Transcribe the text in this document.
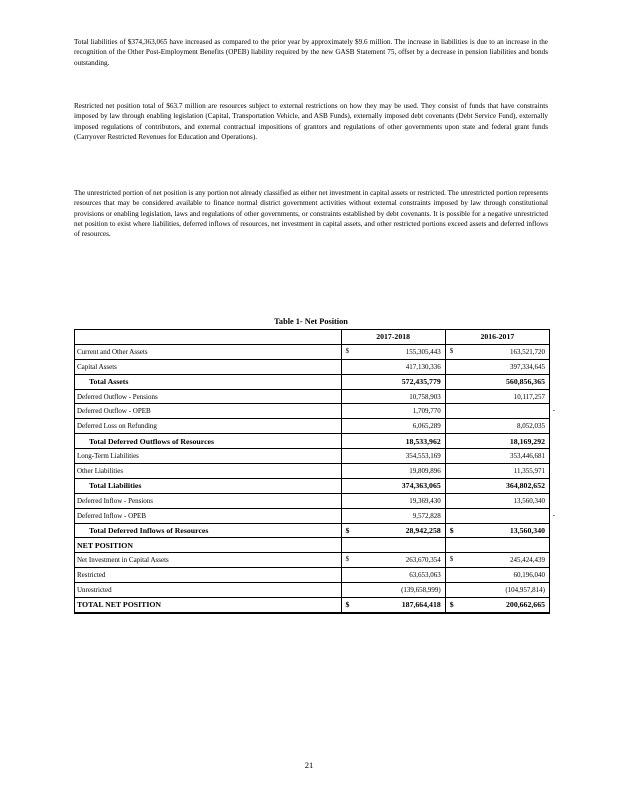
Total liabilities of $374,363,065 have increased as compared to the prior year by approximately $9.6 million. The increase in liabilities is due to an increase in the recognition of the Other Post-Employment Benefits (OPEB) liability required by the new GASB Statement 75, offset by a decrease in pension liabilities and bonds outstanding.

Restricted net position total of $63.7 million are resources subject to external restrictions on how they may be used. They consist of funds that have constraints imposed by law through enabling legislation (Capital, Transportation Vehicle, and ASB Funds), externally imposed debt covenants (Debt Service Fund), externally imposed regulations of contributors, and external contractual impositions of grantors and regulations of other governments upon state and federal grant funds (Carryover Restricted Revenues for Education and Operations).

The unrestricted portion of net position is any portion not already classified as either net investment in capital assets or restricted. The unrestricted portion represents resources that may be considered available to finance normal district government activities without external constraints imposed by law through constitutional provisions or enabling legislation, laws and regulations of other governments, or constraints established by debt covenants. It is possible for a negative unrestricted net position to exist where liabilities, deferred inflows of resources, net investment in capital assets, and other restricted portions exceed assets and deferred inflows of resources.

Table 1- Net Position
	2017-2018	2016-2017
Current and Other Assets	$ 155,305,443	$ 163,521,720

Capital Assets	417,130,336	397,334,645

Total Assets	572,435,779	560,856,365

Deferred Outflow - Pensions	10,758,903	10,117,257

Deferred Outflow - OPEB	1,709,770	-

Deferred Loss on Refunding	6,065,289	8,052,035

Total Deferred Outflows of Resources	18,533,962	18,169,292

Long-Term Liabilities	354,553,169	353,446,681

Other Liabilities	19,809,896	11,355,971

Total Liabilities	374,363,065	364,802,652

Deferred Inflow - Pensions	19,369,430	13,560,340

Deferred Inflow - OPEB	9,572,828	-

Total Deferred Inflows of Resources	$ 28,942,258	$ 13,560,340

NET POSITION	

Net Investment in Capital Assets	$ 263,670,354	$ 245,424,439

Restricted	63,653,063	60,196,040

Unrestricted	(139,658,999)	(104,957,814)

TOTAL NET POSITION	$ 187,664,418	$ 200,662,665
21
